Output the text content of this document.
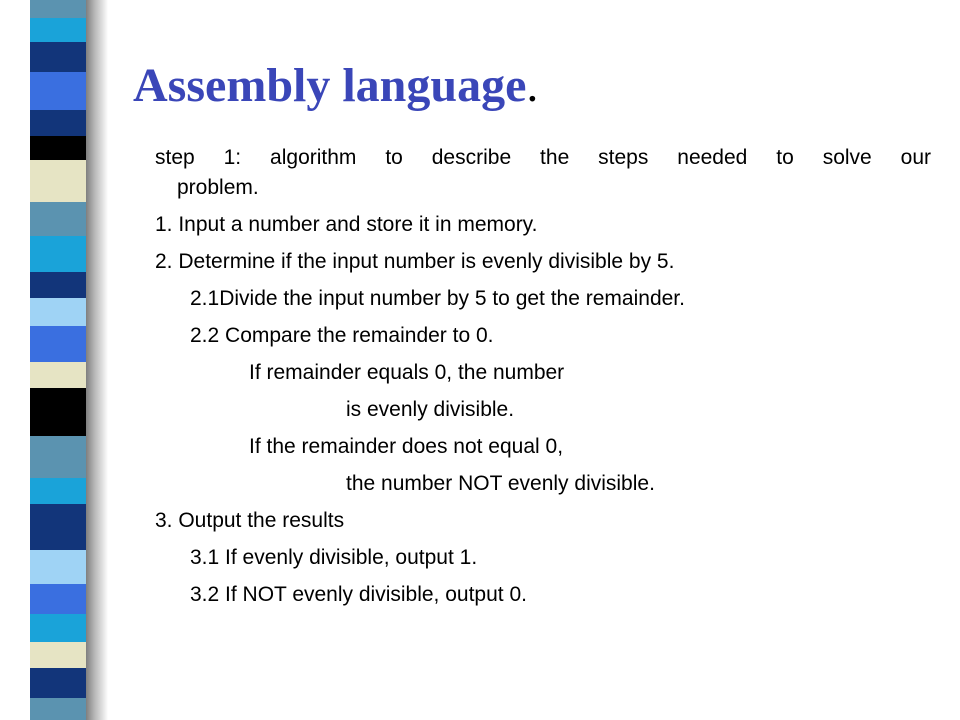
Assembly language.

step 1: algorithm to describe the steps needed to solve our

problem.

1. Input a number and store it in memory.

2. Determine if the input number is evenly divisible by 5.

2.1Divide the input number by 5 to get the remainder.

2.2 Compare the remainder to 0.

If remainder equals 0, the number

is evenly divisible.

If the remainder does not equal 0,

the number NOT evenly divisible.

3. Output the results

3.1 If evenly divisible, output 1.

3.2 If NOT evenly divisible, output 0.
